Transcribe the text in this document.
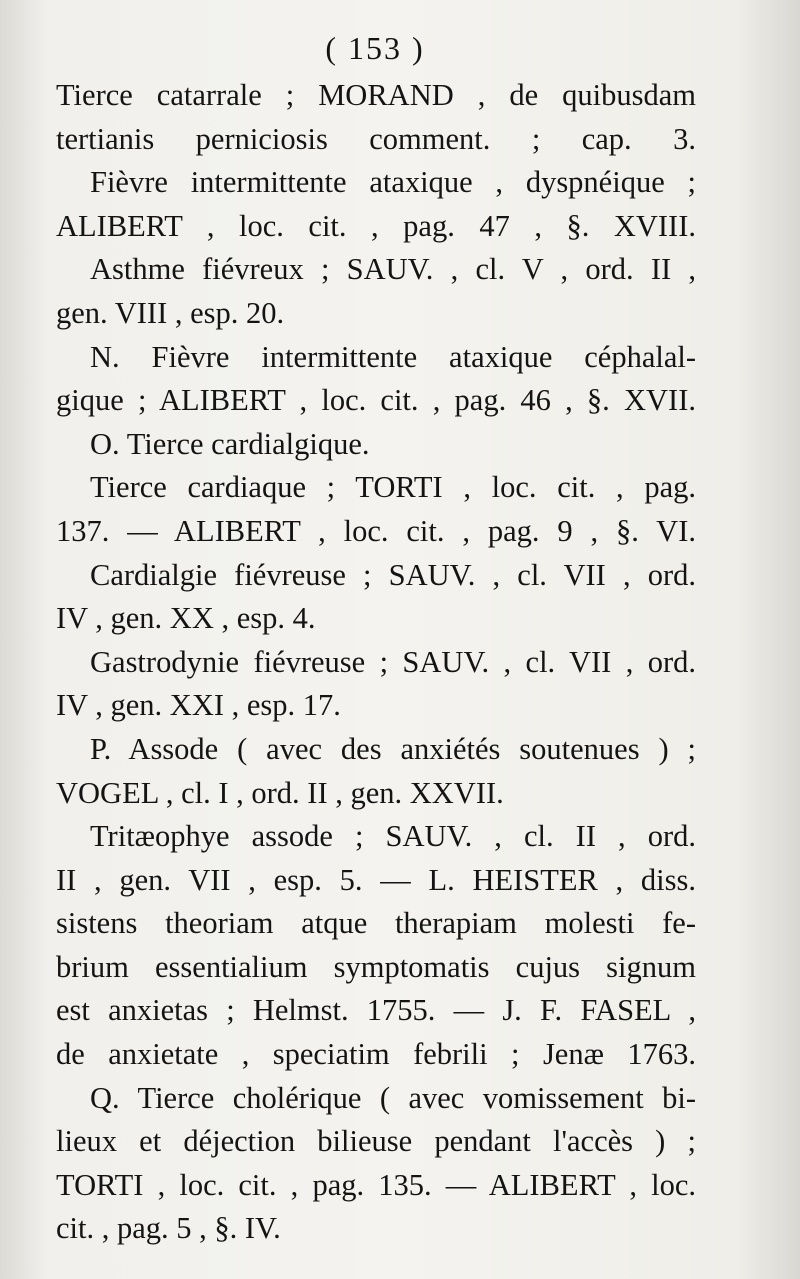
( 153 )
Tierce catarrale ; MORAND , de quibusdam
tertianis perniciosis comment. ; cap. 3.
Fièvre intermittente ataxique , dyspnéique ;
ALIBERT , loc. cit. , pag. 47 , §. XVIII.
Asthme fiévreux ; SAUV. , cl. V , ord. II ,
gen. VIII , esp. 20.
N. Fièvre intermittente ataxique céphalal-
gique ; ALIBERT , loc. cit. , pag. 46 , §. XVII.
O. Tierce cardialgique.
Tierce cardiaque ; TORTI , loc. cit. , pag.
137. — ALIBERT , loc. cit. , pag. 9 , §. VI.
Cardialgie fiévreuse ; SAUV. , cl. VII , ord.
IV , gen. XX , esp. 4.
Gastrodynie fiévreuse ; SAUV. , cl. VII , ord.
IV , gen. XXI , esp. 17.
P. Assode ( avec des anxiétés soutenues ) ;
VOGEL , cl. I , ord. II , gen. XXVII.
Tritæophye assode ; SAUV. , cl. II , ord.
II , gen. VII , esp. 5. — L. HEISTER , diss.
sistens theoriam atque therapiam molesti fe-
brium essentialium symptomatis cujus signum
est anxietas ; Helmst. 1755. — J. F. FASEL ,
de anxietate , speciatim febrili ; Jenæ 1763.
Q. Tierce cholérique ( avec vomissement bi-
lieux et déjection bilieuse pendant l'accès ) ;
TORTI , loc. cit. , pag. 135. — ALIBERT , loc.
cit. , pag. 5 , §. IV.
